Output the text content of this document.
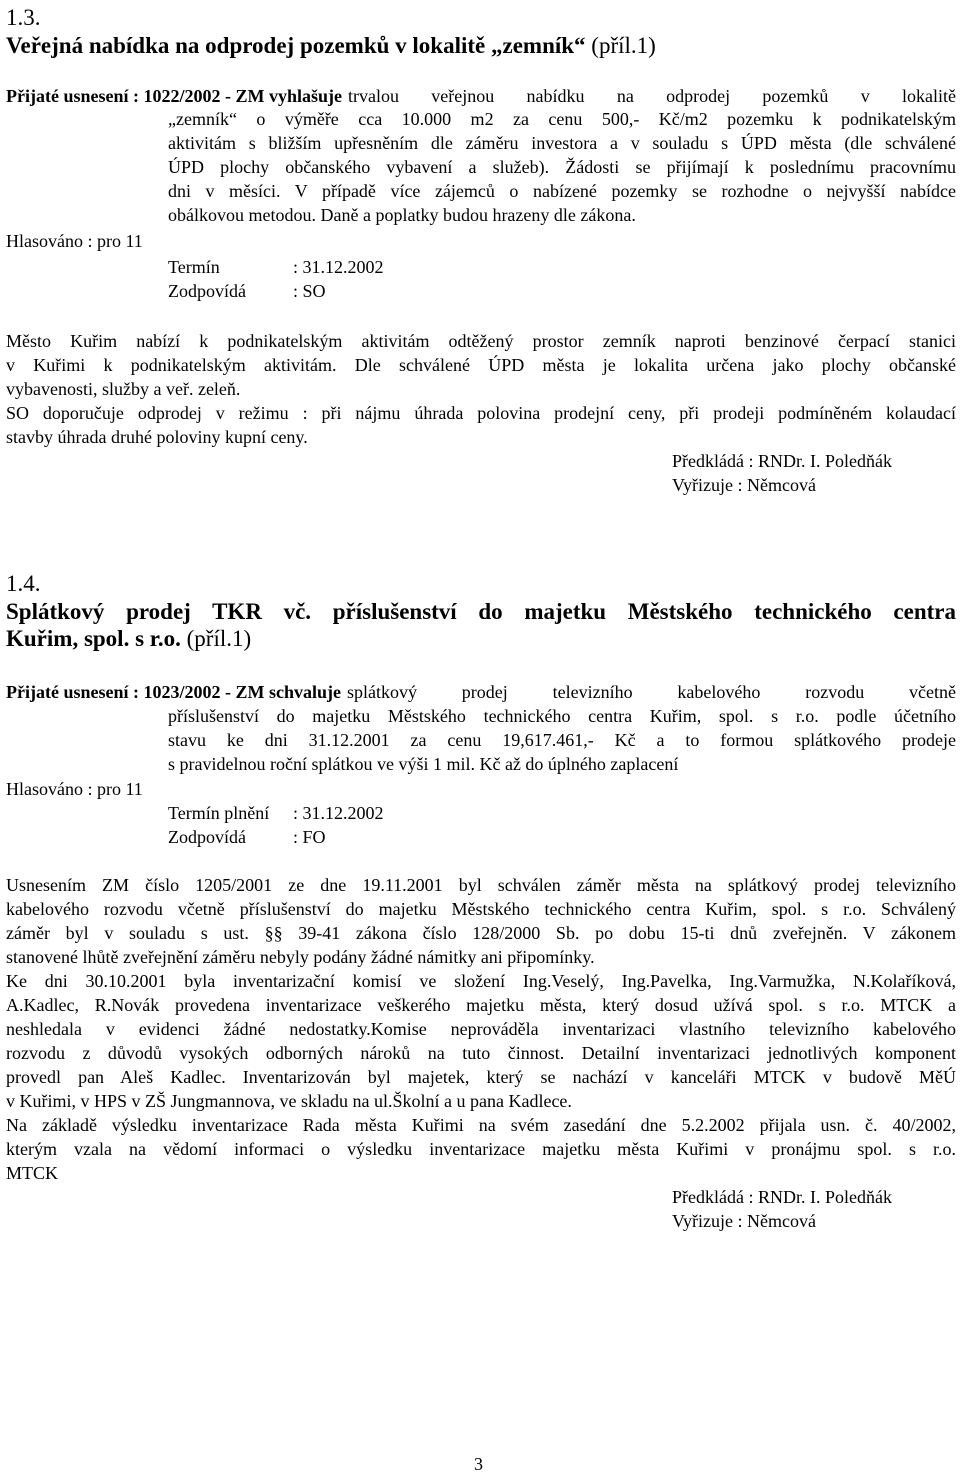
1.3.
Veřejná nabídka na odprodej pozemků v lokalitě „zemník“ (příl.1)
Přijaté usnesení : 1022/2002 - ZM vyhlašuje trvalou veřejnou nabídku na odprodej pozemků v lokalitě
„zemník“ o výměře cca 10.000 m2 za cenu 500,- Kč/m2 pozemku k podnikatelským
aktivitám s bližším upřesněním dle záměru investora a v souladu s ÚPD města (dle schválené
ÚPD plochy občanského vybavení a služeb). Žádosti se přijímají k poslednímu pracovnímu
dni v měsíci. V případě více zájemců o nabízené pozemky se rozhodne o nejvyšší nabídce
obálkovou metodou. Daně a poplatky budou hrazeny dle zákona.
Hlasováno : pro 11
Termín	: 31.12.2002
Zodpovídá	: SO
Město Kuřim nabízí k podnikatelským aktivitám odtěžený prostor zemník naproti benzinové čerpací stanici
v Kuřimi k podnikatelským aktivitám. Dle schválené ÚPD města je lokalita určena jako plochy občanské
vybavenosti, služby a veř. zeleň.
SO doporučuje odprodej v režimu : při nájmu úhrada polovina prodejní ceny, při prodeji podmíněném kolaudací
stavby úhrada druhé poloviny kupní ceny.
Předkládá : RNDr. I. Poledňák
Vyřizuje : Němcová
1.4.
Splátkový prodej TKR vč. příslušenství do majetku Městského technického centra
Kuřim, spol. s r.o. (příl.1)
Přijaté usnesení : 1023/2002 - ZM schvaluje splátkový prodej televizního kabelového rozvodu včetně
příslušenství do majetku Městského technického centra Kuřim, spol. s r.o. podle účetního
stavu ke dni 31.12.2001 za cenu 19,617.461,- Kč a to formou splátkového prodeje
s pravidelnou roční splátkou ve výši 1 mil. Kč až do úplného zaplacení
Hlasováno : pro 11
Termín plnění : 31.12.2002
Zodpovídá	: FO
Usnesením ZM číslo 1205/2001 ze dne 19.11.2001 byl schválen záměr města na splátkový prodej televizního
kabelového rozvodu včetně příslušenství do majetku Městského technického centra Kuřim, spol. s r.o. Schválený
záměr byl v souladu s ust. §§ 39-41 zákona číslo 128/2000 Sb. po dobu 15-ti dnů zveřejněn. V zákonem
stanovené lhůtě zveřejnění záměru nebyly podány žádné námitky ani připomínky.
Ke dni 30.10.2001 byla inventarizační komisí ve složení Ing.Veselý, Ing.Pavelka, Ing.Varmužka, N.Kolaříková,
A.Kadlec, R.Novák provedena inventarizace veškerého majetku města, který dosud užívá spol. s r.o. MTCK a
neshledala v evidenci žádné nedostatky.Komise neprováděla inventarizaci vlastního televizního kabelového
rozvodu z důvodů vysokých odborných nároků na tuto činnost. Detailní inventarizaci jednotlivých komponent
provedl pan Aleš Kadlec. Inventarizován byl majetek, který se nachází v kanceláři MTCK v budově MěÚ
v Kuřimi, v HPS v ZŠ Jungmannova, ve skladu na ul.Školní a u pana Kadlece.
Na základě výsledku inventarizace Rada města Kuřimi na svém zasedání dne 5.2.2002 přijala usn. č. 40/2002,
kterým vzala na vědomí informaci o výsledku inventarizace majetku města Kuřimi v pronájmu spol. s r.o.
MTCK
Předkládá : RNDr. I. Poledňák
Vyřizuje : Němcová
3
